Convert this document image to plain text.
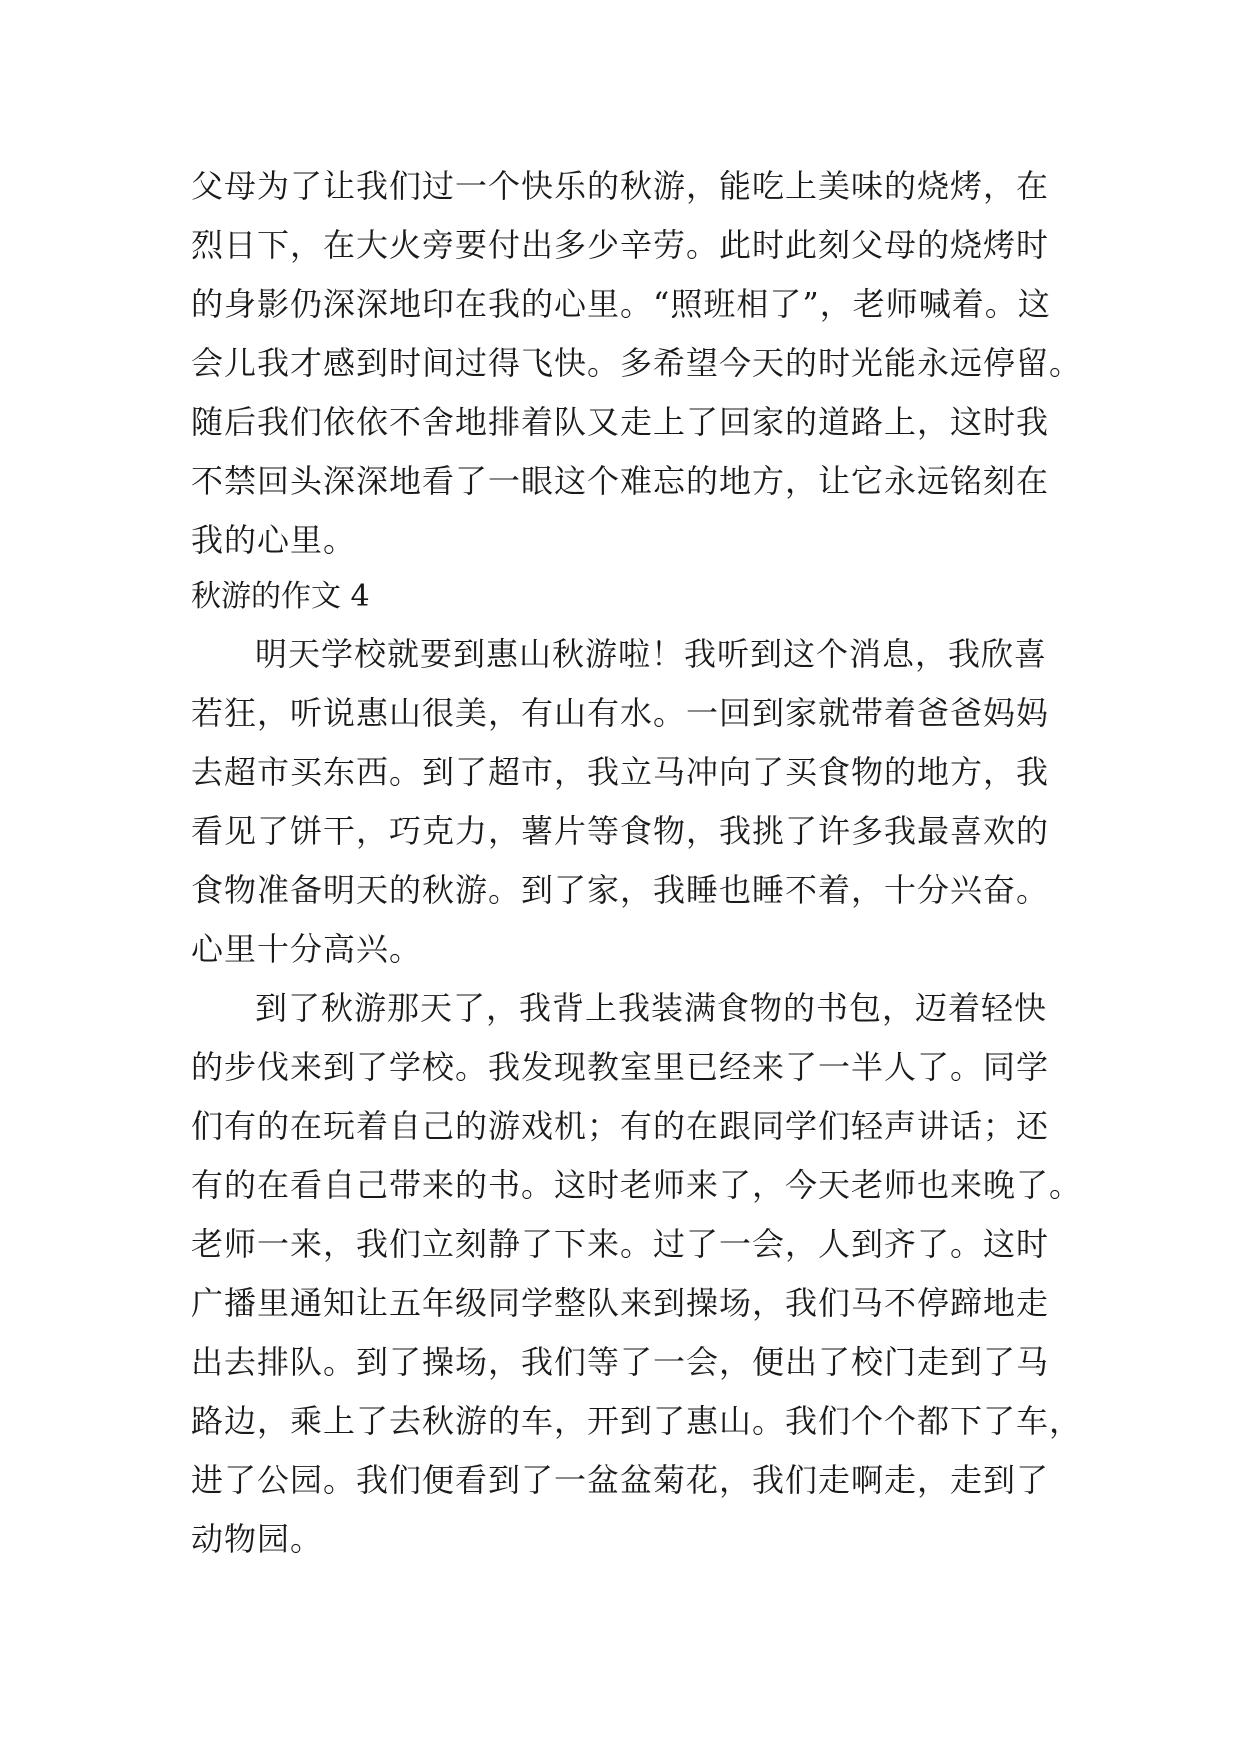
父母为了让我们过一个快乐的秋游，能吃上美味的烧烤，在
烈日下，在大火旁要付出多少辛劳。此时此刻父母的烧烤时
的身影仍深深地印在我的心里。“照班相了”，老师喊着。这
会儿我才感到时间过得飞快。多希望今天的时光能永远停留。
随后我们依依不舍地排着队又走上了回家的道路上，这时我
不禁回头深深地看了一眼这个难忘的地方，让它永远铭刻在
我的心里。
秋游的作文 4
明天学校就要到惠山秋游啦！我听到这个消息，我欣喜
若狂，听说惠山很美，有山有水。一回到家就带着爸爸妈妈
去超市买东西。到了超市，我立马冲向了买食物的地方，我
看见了饼干，巧克力，薯片等食物，我挑了许多我最喜欢的
食物准备明天的秋游。到了家，我睡也睡不着，十分兴奋。
心里十分高兴。
到了秋游那天了，我背上我装满食物的书包，迈着轻快
的步伐来到了学校。我发现教室里已经来了一半人了。同学
们有的在玩着自己的游戏机；有的在跟同学们轻声讲话；还
有的在看自己带来的书。这时老师来了，今天老师也来晚了。
老师一来，我们立刻静了下来。过了一会，人到齐了。这时
广播里通知让五年级同学整队来到操场，我们马不停蹄地走
出去排队。到了操场，我们等了一会，便出了校门走到了马
路边，乘上了去秋游的车，开到了惠山。我们个个都下了车，
进了公园。我们便看到了一盆盆菊花，我们走啊走，走到了
动物园。
